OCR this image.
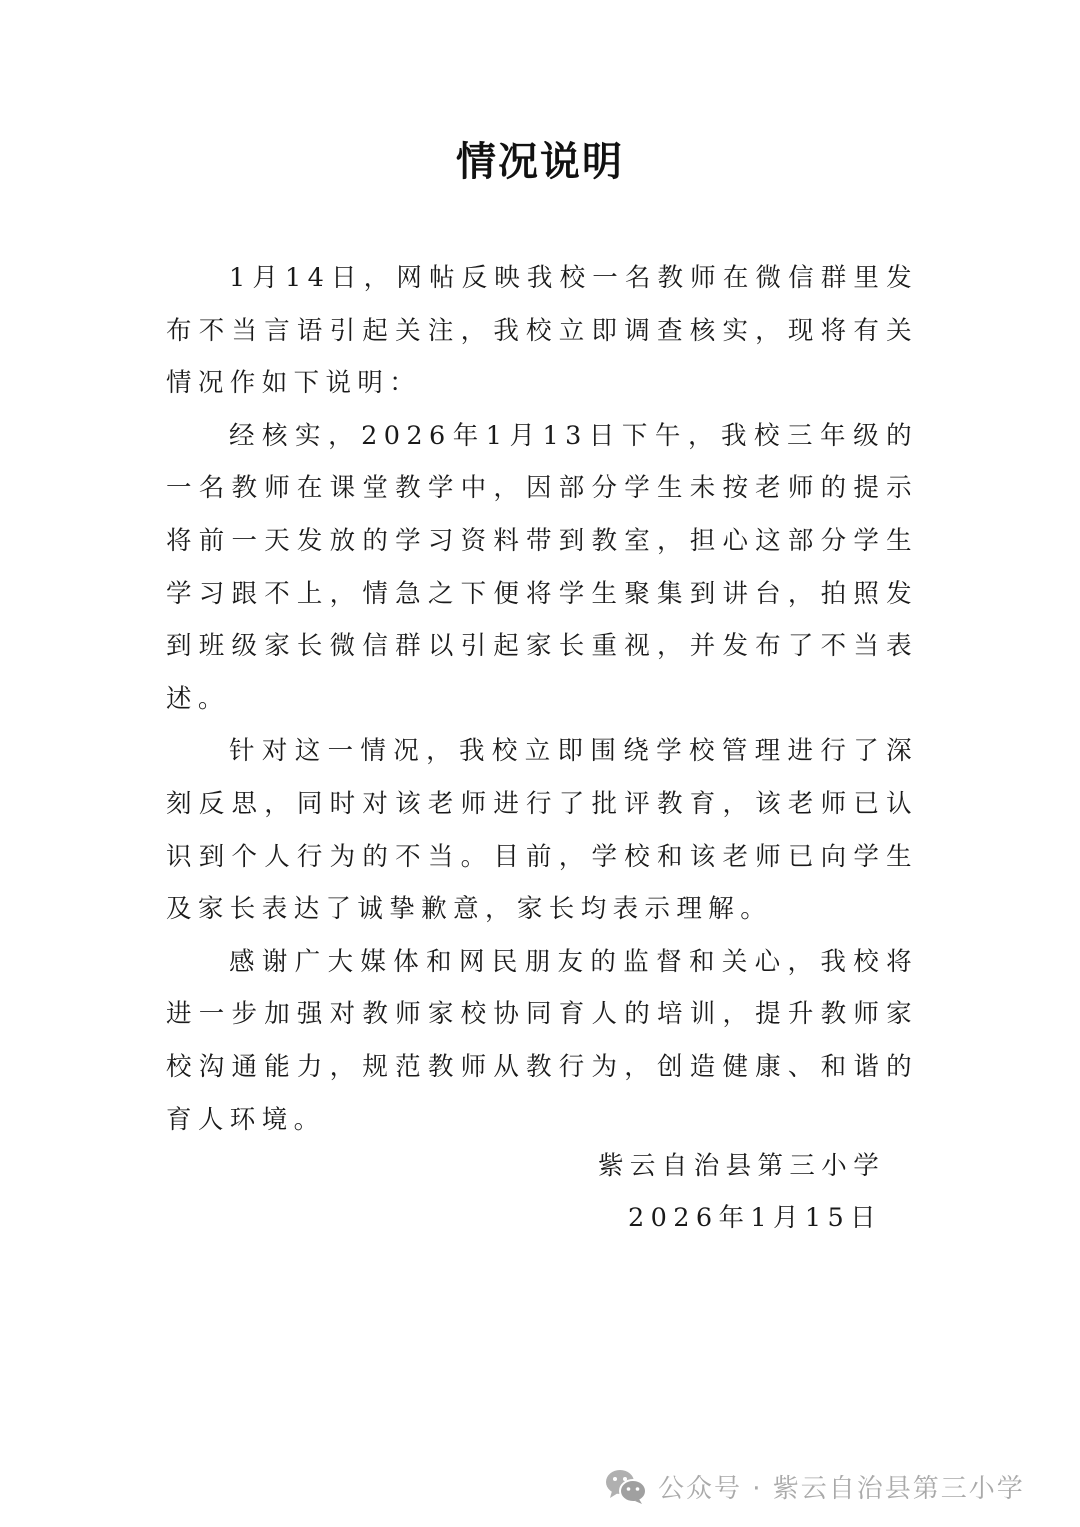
情况说明

1月14日，网帖反映我校一名教师在微信群里发布不当言语引起关注，我校立即调查核实，现将有关情况作如下说明：

经核实，2026年1月13日下午，我校三年级的一名教师在课堂教学中，因部分学生未按老师的提示将前一天发放的学习资料带到教室，担心这部分学生学习跟不上，情急之下便将学生聚集到讲台，拍照发到班级家长微信群以引起家长重视，并发布了不当表述。

针对这一情况，我校立即围绕学校管理进行了深刻反思，同时对该老师进行了批评教育，该老师已认识到个人行为的不当。目前，学校和该老师已向学生及家长表达了诚挚歉意，家长均表示理解。

感谢广大媒体和网民朋友的监督和关心，我校将进一步加强对教师家校协同育人的培训，提升教师家校沟通能力，规范教师从教行为，创造健康、和谐的育人环境。

紫云自治县第三小学
2026年1月15日
公众号 · 紫云自治县第三小学
